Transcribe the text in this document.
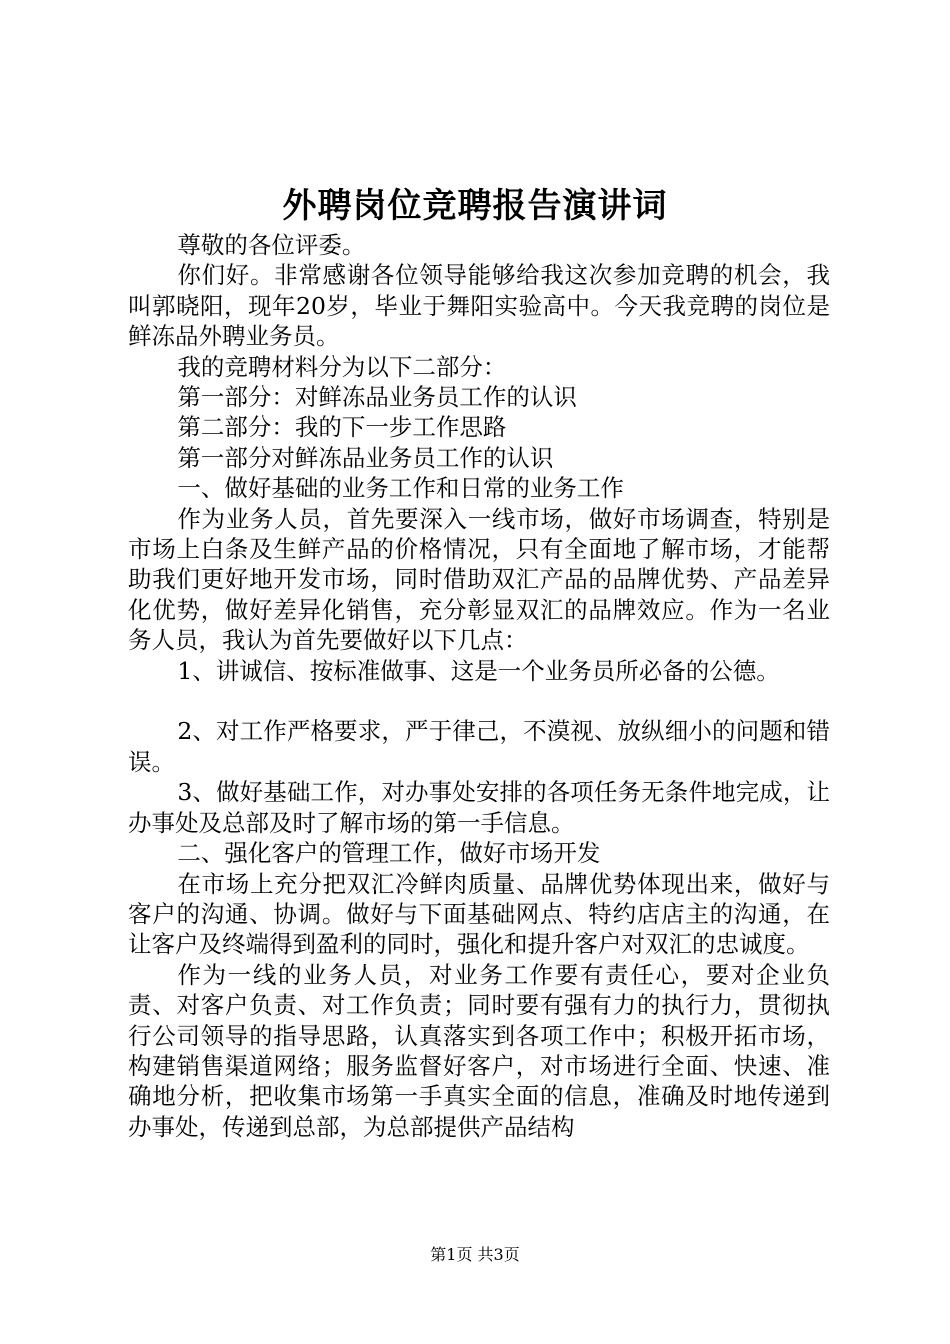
外聘岗位竞聘报告演讲词

尊敬的各位评委。

你们好。非常感谢各位领导能够给我这次参加竞聘的机会，我叫郭晓阳，现年20岁，毕业于舞阳实验高中。今天我竞聘的岗位是鲜冻品外聘业务员。

我的竞聘材料分为以下二部分：

第一部分：对鲜冻品业务员工作的认识

第二部分：我的下一步工作思路

第一部分对鲜冻品业务员工作的认识

一、做好基础的业务工作和日常的业务工作

作为业务人员，首先要深入一线市场，做好市场调查，特别是市场上白条及生鲜产品的价格情况，只有全面地了解市场，才能帮助我们更好地开发市场，同时借助双汇产品的品牌优势、产品差异化优势，做好差异化销售，充分彰显双汇的品牌效应。作为一名业务人员，我认为首先要做好以下几点：

1、讲诚信、按标准做事、这是一个业务员所必备的公德。

2、对工作严格要求，严于律己，不漠视、放纵细小的问题和错误。

3、做好基础工作，对办事处安排的各项任务无条件地完成，让办事处及总部及时了解市场的第一手信息。

二、强化客户的管理工作，做好市场开发

在市场上充分把双汇冷鲜肉质量、品牌优势体现出来，做好与客户的沟通、协调。做好与下面基础网点、特约店店主的沟通，在让客户及终端得到盈利的同时，强化和提升客户对双汇的忠诚度。

作为一线的业务人员，对业务工作要有责任心，要对企业负责、对客户负责、对工作负责；同时要有强有力的执行力，贯彻执行公司领导的指导思路，认真落实到各项工作中；积极开拓市场，构建销售渠道网络；服务监督好客户，对市场进行全面、快速、准确地分析，把收集市场第一手真实全面的信息，准确及时地传递到办事处，传递到总部，为总部提供产品结构

第1页 共3页
